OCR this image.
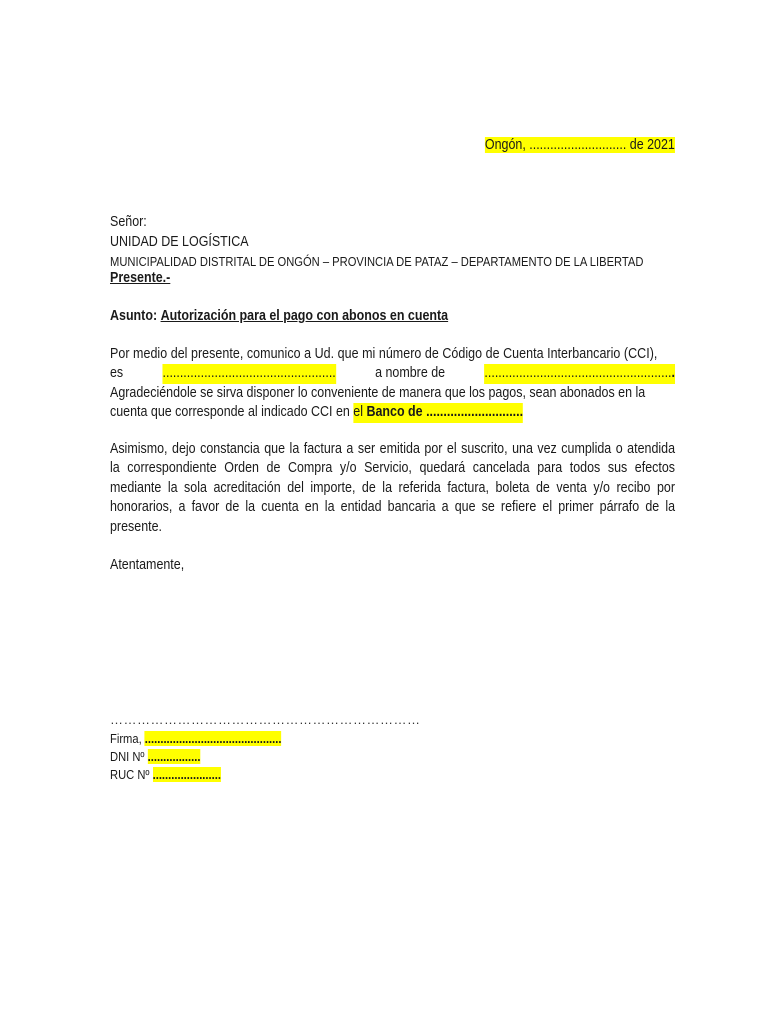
Ongón, ............................ de 2021
Señor:
UNIDAD DE LOGÍSTICA
MUNICIPALIDAD DISTRITAL DE ONGÓN – PROVINCIA DE PATAZ – DEPARTAMENTO DE LA LIBERTAD
Presente.-
Asunto: Autorización para el pago con abonos en cuenta
Por medio del presente, comunico a Ud. que mi número de Código de Cuenta Interbancario (CCI),
es	..................................................	a nombre de	.......................................................
Agradeciéndole se sirva disponer lo conveniente de manera que los pagos, sean abonados en la
cuenta que corresponde al indicado CCI en el Banco de ............................
Asimismo, dejo constancia que la factura a ser emitida por el suscrito, una vez cumplida o atendida
la correspondiente Orden de Compra y/o Servicio, quedará cancelada para todos sus efectos
mediante la sola acreditación del importe, de la referida factura, boleta de venta y/o recibo por
honorarios, a favor de la cuenta en la entidad bancaria a que se refiere el primer párrafo de la
presente.
Atentamente,
……………………………………………………………
Firma, ............................................
DNI Nº .................
RUC Nº ......................
